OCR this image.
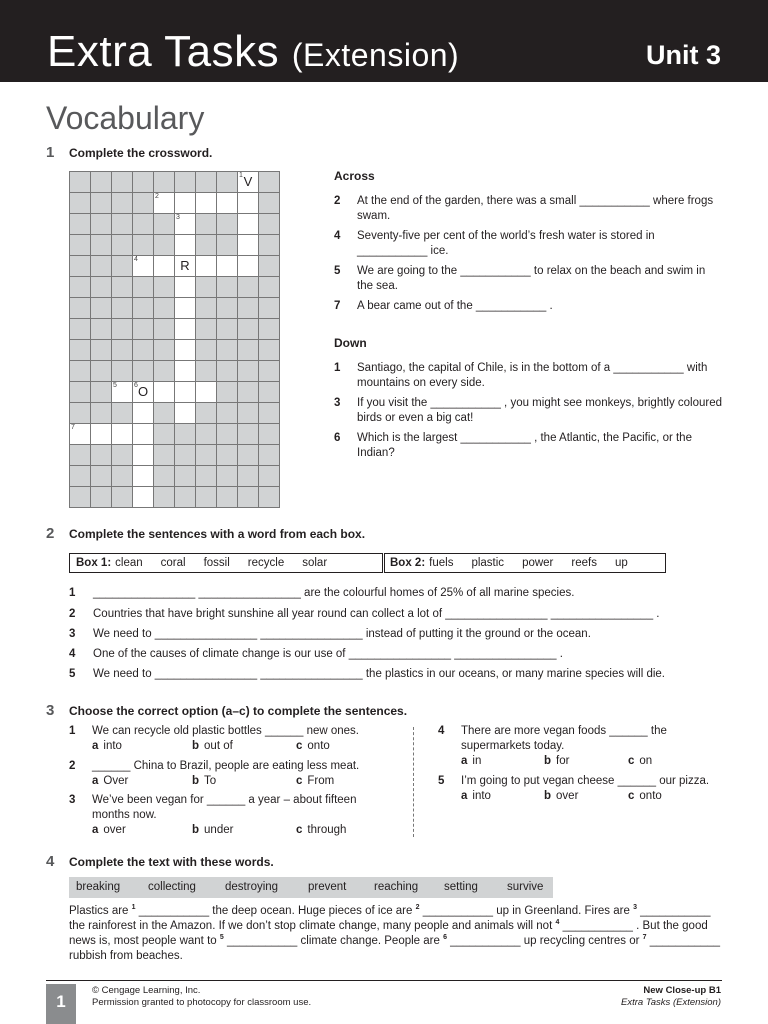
Extra Tasks (Extension)	Unit 3
Vocabulary
1 Complete the crossword.

								1 V	

				2					

					3				

			4		R				

		5	6 O						

7									

Across
2 At the end of the garden, there was a small ___________ where frogs swam.
4 Seventy-five per cent of the world’s fresh water is stored in ___________ ice.
5 We are going to the ___________ to relax on the beach and swim in the sea.
7 A bear came out of the ___________ .
Down
1 Santiago, the capital of Chile, is in the bottom of a ___________ with mountains on every side.
3 If you visit the ___________ , you might see monkeys, brightly coloured birds or even a big cat!
6 Which is the largest ___________ , the Atlantic, the Pacific, or the Indian?
2 Complete the sentences with a word from each box.
Box 1: clean coral fossil recycle solar	Box 2: fuels plastic power reefs up
1 ________________ ________________ are the colourful homes of 25% of all marine species.
2 Countries that have bright sunshine all year round can collect a lot of ________________ ________________ .
3 We need to ________________ ________________ instead of putting it the ground or the ocean.
4 One of the causes of climate change is our use of ________________ ________________ .
5 We need to ________________ ________________ the plastics in our oceans, or many marine species will die.
3 Choose the correct option (a–c) to complete the sentences.
1	We can recycle old plastic bottles ______ new ones.
a into	b out of	c onto
2	______ China to Brazil, people are eating less meat.
a Over	b To	c From
3	We’ve been vegan for ______ a year – about fifteen months now.
a over	b under	c through
4	There are more vegan foods ______ the supermarkets today.
a in	b for	c on
5	I’m going to put vegan cheese ______ our pizza.
a into	b over	c onto
4 Complete the text with these words.
breaking collecting	destroying	prevent reaching setting	survive
Plastics are $^1$ ___________ the deep ocean. Huge pieces of ice are $^2$ ___________ up in Greenland. Fires are $^3$ ___________ the rainforest in the Amazon. If we don’t stop climate change, many people and animals will not $^4$ ___________ . But the good news is, most people want to $^5$ ___________ climate change. People are $^6$ ___________ up recycling centres or $^7$ ___________ rubbish from beaches.
1
© Cengage Learning, Inc.
Permission granted to photocopy for classroom use.
New Close-up B1
Extra Tasks (Extension)
